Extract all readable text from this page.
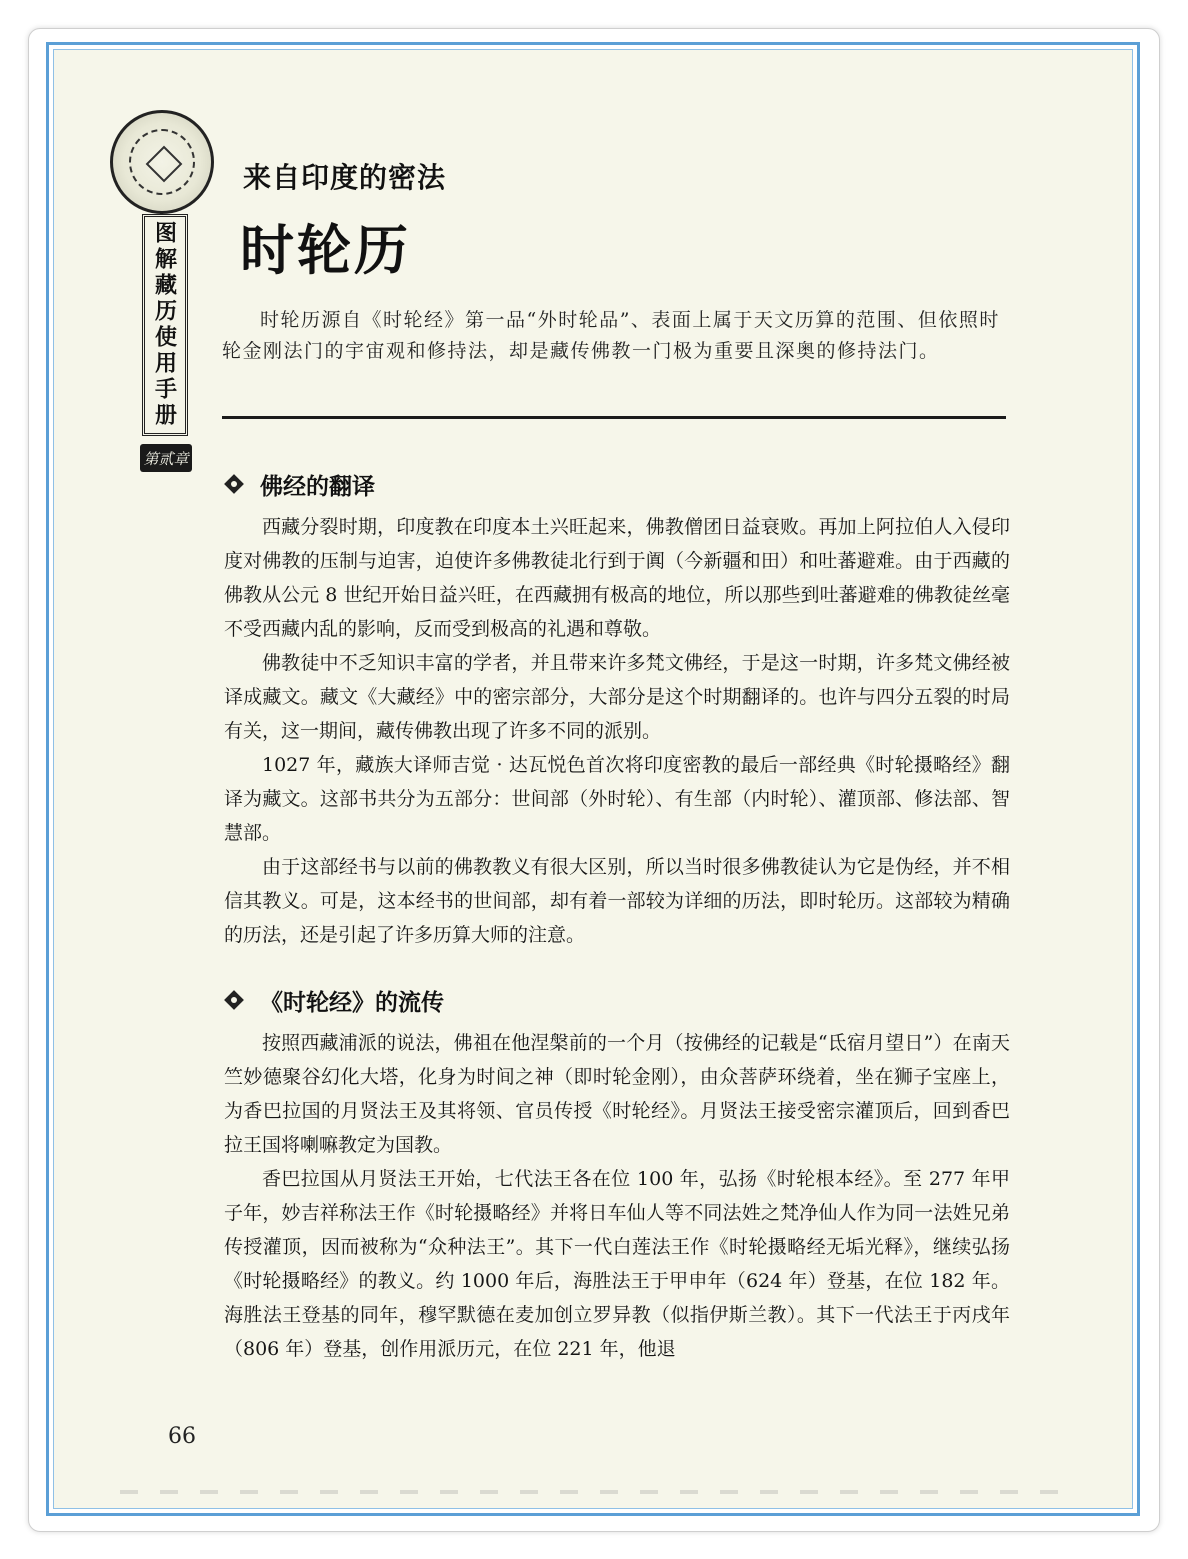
图解藏历使用手册
第贰章
来自印度的密法
时轮历

时轮历源自《时轮经》第一品“外时轮品”、表面上属于天文历算的范围、但依照时轮金刚法门的宇宙观和修持法，却是藏传佛教一门极为重要且深奥的修持法门。

佛经的翻译

西藏分裂时期，印度教在印度本土兴旺起来，佛教僧团日益衰败。再加上阿拉伯人入侵印度对佛教的压制与迫害，迫使许多佛教徒北行到于阗（今新疆和田）和吐蕃避难。由于西藏的佛教从公元 8 世纪开始日益兴旺，在西藏拥有极高的地位，所以那些到吐蕃避难的佛教徒丝毫不受西藏内乱的影响，反而受到极高的礼遇和尊敬。

佛教徒中不乏知识丰富的学者，并且带来许多梵文佛经，于是这一时期，许多梵文佛经被译成藏文。藏文《大藏经》中的密宗部分，大部分是这个时期翻译的。也许与四分五裂的时局有关，这一期间，藏传佛教出现了许多不同的派别。

1027 年，藏族大译师吉觉 · 达瓦悦色首次将印度密教的最后一部经典《时轮摄略经》翻译为藏文。这部书共分为五部分：世间部（外时轮）、有生部（内时轮）、灌顶部、修法部、智慧部。

由于这部经书与以前的佛教教义有很大区别，所以当时很多佛教徒认为它是伪经，并不相信其教义。可是，这本经书的世间部，却有着一部较为详细的历法，即时轮历。这部较为精确的历法，还是引起了许多历算大师的注意。

《时轮经》的流传

按照西藏浦派的说法，佛祖在他涅槃前的一个月（按佛经的记载是“氐宿月望日”）在南天竺妙德聚谷幻化大塔，化身为时间之神（即时轮金刚），由众菩萨环绕着，坐在狮子宝座上，为香巴拉国的月贤法王及其将领、官员传授《时轮经》。月贤法王接受密宗灌顶后，回到香巴拉王国将喇嘛教定为国教。

香巴拉国从月贤法王开始，七代法王各在位 100 年，弘扬《时轮根本经》。至 277 年甲子年，妙吉祥称法王作《时轮摄略经》并将日车仙人等不同法姓之梵净仙人作为同一法姓兄弟传授灌顶，因而被称为“众种法王”。其下一代白莲法王作《时轮摄略经无垢光释》，继续弘扬《时轮摄略经》的教义。约 1000 年后，海胜法王于甲申年（624 年）登基，在位 182 年。海胜法王登基的同年，穆罕默德在麦加创立罗异教（似指伊斯兰教）。其下一代法王于丙戌年（806 年）登基，创作用派历元，在位 221 年，他退

66
